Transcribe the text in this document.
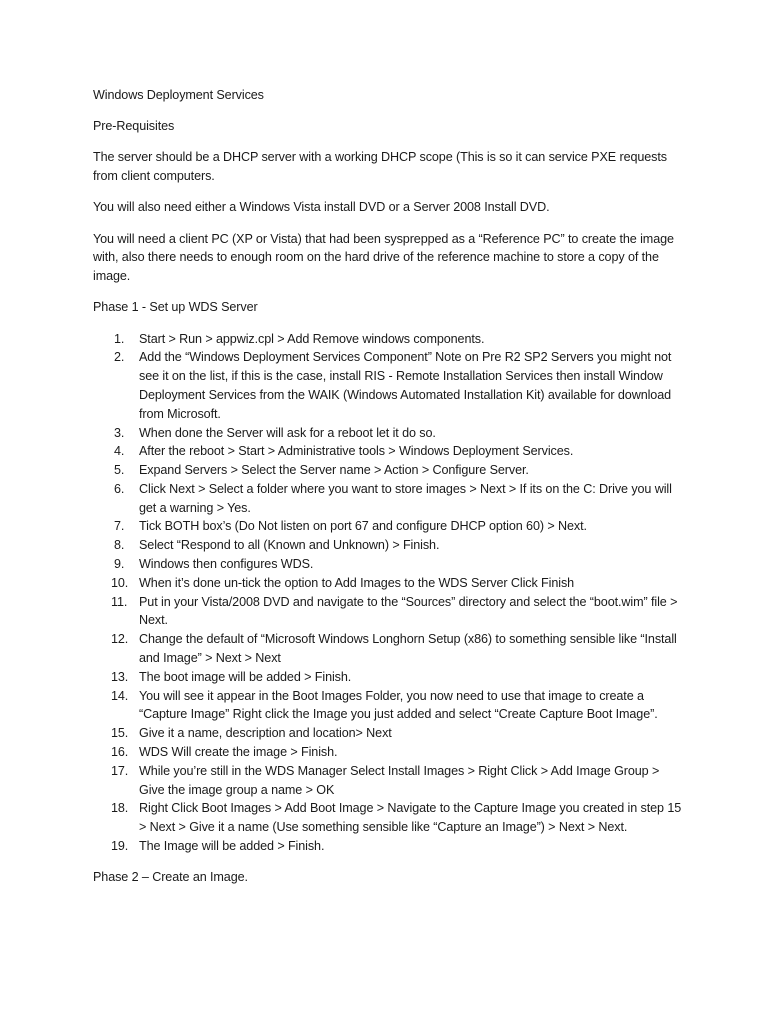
Windows Deployment Services

Pre-Requisites

The server should be a DHCP server with a working DHCP scope (This is so it can service PXE requests from client computers.

You will also need either a Windows Vista install DVD or a Server 2008 Install DVD.

You will need a client PC (XP or Vista) that had been sysprepped as a “Reference PC” to create the image with, also there needs to enough room on the hard drive of the reference machine to store a copy of the image.

Phase 1 - Set up WDS Server

1.	Start > Run > appwiz.cpl > Add Remove windows components.
2.	Add the “Windows Deployment Services Component” Note on Pre R2 SP2 Servers you might not see it on the list, if this is the case, install RIS - Remote Installation Services then install Window Deployment Services from the WAIK (Windows Automated Installation Kit) available for download from Microsoft.
3.	When done the Server will ask for a reboot let it do so.
4.	After the reboot > Start > Administrative tools > Windows Deployment Services.
5.	Expand Servers > Select the Server name > Action > Configure Server.
6.	Click Next > Select a folder where you want to store images > Next > If its on the C: Drive you will get a warning > Yes.
7.	Tick BOTH box’s (Do Not listen on port 67 and configure DHCP option 60) > Next.
8.	Select “Respond to all (Known and Unknown) > Finish.
9.	Windows then configures WDS.
10. When it’s done un-tick the option to Add Images to the WDS Server Click Finish
11. Put in your Vista/2008 DVD and navigate to the “Sources” directory and select the “boot.wim” file > Next.
12. Change the default of “Microsoft Windows Longhorn Setup (x86) to something sensible like “Install and Image” > Next > Next
13. The boot image will be added > Finish.
14. You will see it appear in the Boot Images Folder, you now need to use that image to create a “Capture Image” Right click the Image you just added and select “Create Capture Boot Image”.
15. Give it a name, description and location> Next
16. WDS Will create the image > Finish.
17. While you’re still in the WDS Manager Select Install Images > Right Click > Add Image Group > Give the image group a name > OK
18. Right Click Boot Images > Add Boot Image > Navigate to the Capture Image you created in step 15 > Next > Give it a name (Use something sensible like “Capture an Image”) > Next > Next.
19. The Image will be added > Finish.

Phase 2 – Create an Image.
